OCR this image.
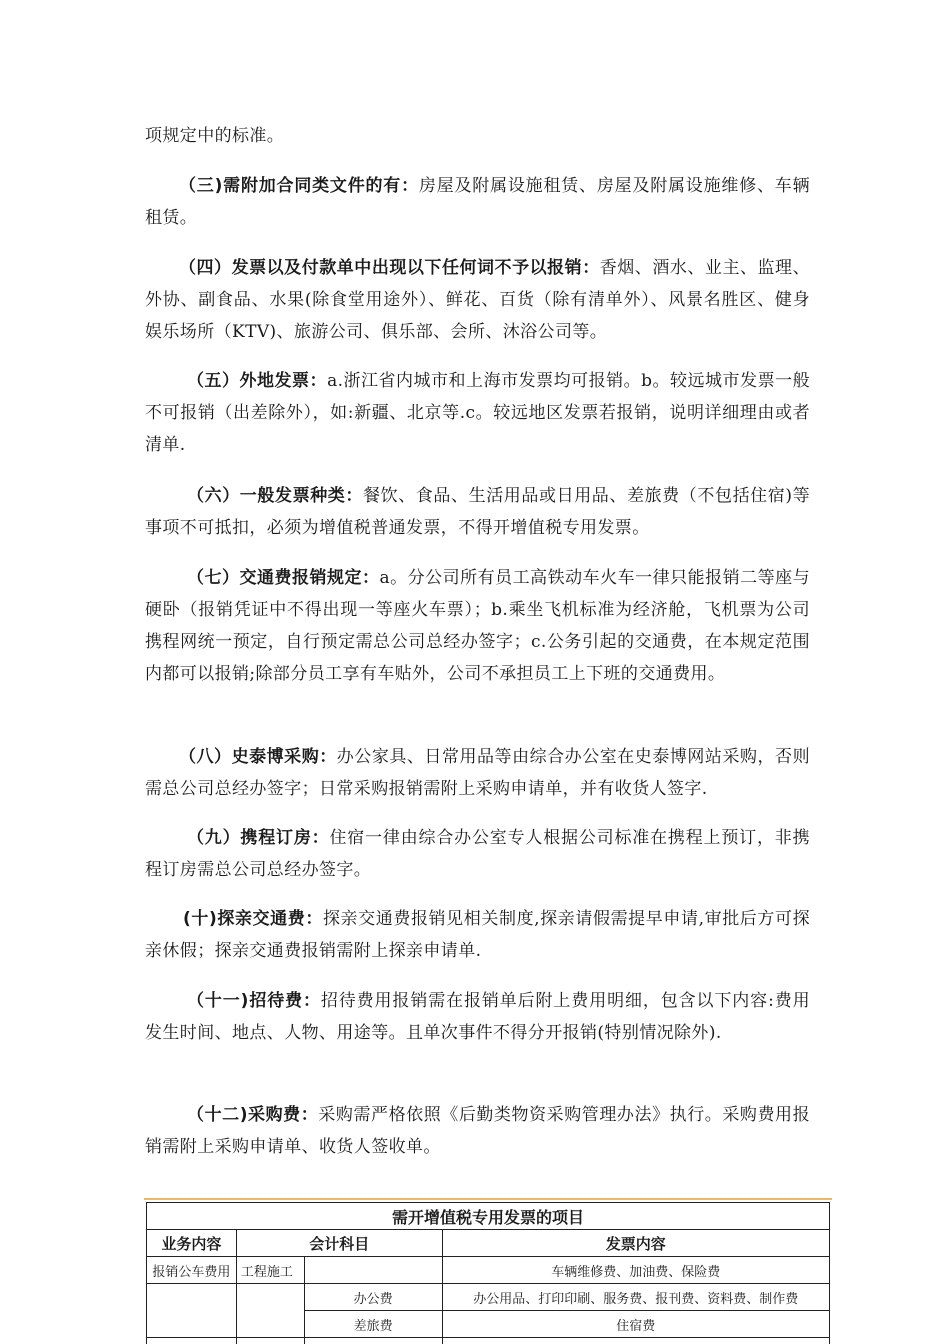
项规定中的标准。

（三)需附加合同类文件的有：房屋及附属设施租赁、房屋及附属设施维修、车辆租赁。

（四）发票以及付款单中出现以下任何词不予以报销：香烟、酒水、业主、监理、外协、副食品、水果(除食堂用途外）、鲜花、百货（除有清单外）、风景名胜区、健身娱乐场所（KTV)、旅游公司、俱乐部、会所、沐浴公司等。

（五）外地发票：a.浙江省内城市和上海市发票均可报销。b。较远城市发票一般不可报销（出差除外），如:新疆、北京等.c。较远地区发票若报销，说明详细理由或者清单.

（六）一般发票种类：餐饮、食品、生活用品或日用品、差旅费（不包括住宿)等事项不可抵扣，必须为增值税普通发票，不得开增值税专用发票。

（七）交通费报销规定：a。分公司所有员工高铁动车火车一律只能报销二等座与硬卧（报销凭证中不得出现一等座火车票）；b.乘坐飞机标准为经济舱，飞机票为公司携程网统一预定，自行预定需总公司总经办签字；c.公务引起的交通费，在本规定范围内都可以报销;除部分员工享有车贴外，公司不承担员工上下班的交通费用。

（八）史泰博采购：办公家具、日常用品等由综合办公室在史泰博网站采购，否则需总公司总经办签字；日常采购报销需附上采购申请单，并有收货人签字.

（九）携程订房：住宿一律由综合办公室专人根据公司标准在携程上预订，非携程订房需总公司总经办签字。

(十)探亲交通费：探亲交通费报销见相关制度,探亲请假需提早申请,审批后方可探亲休假；探亲交通费报销需附上探亲申请单.

（十一)招待费：招待费用报销需在报销单后附上费用明细，包含以下内容:费用发生时间、地点、人物、用途等。且单次事件不得分开报销(特别情况除外).

（十二)采购费：采购需严格依照《后勤类物资采购管理办法》执行。采购费用报销需附上采购申请单、收货人签收单。

需开增值税专用发票的项目			
业务内容	会计科目		发票内容
报销公车费用	工程施工		车辆维修费、加油费、保险费
		办公费	办公用品、打印印刷、服务费、报刊费、资料费、制作费
		差旅费	住宿费
